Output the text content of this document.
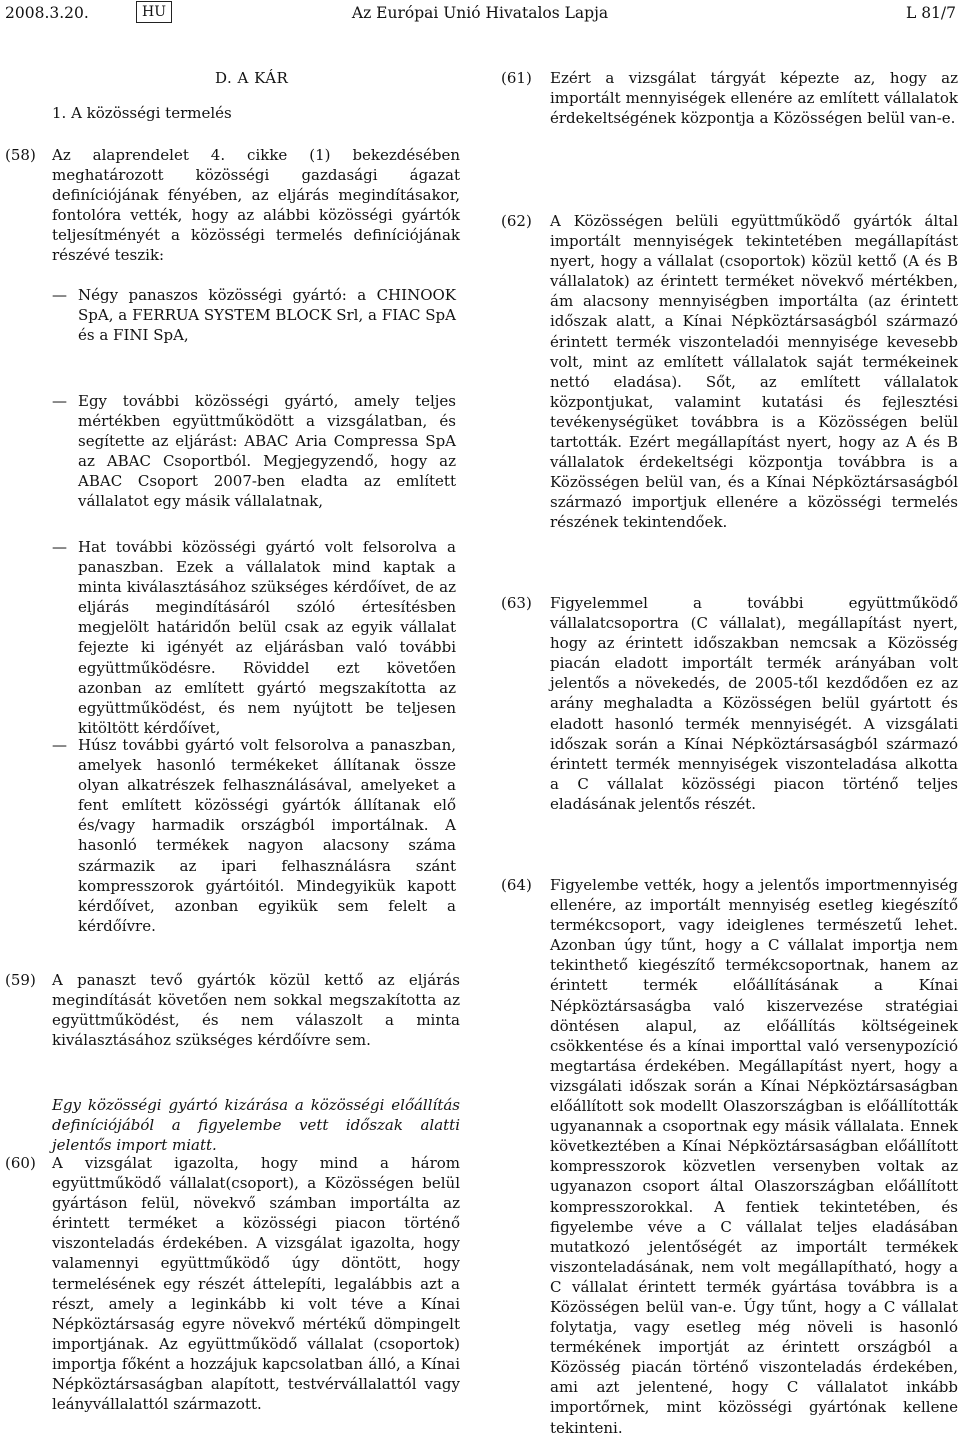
2008.3.20.	HU	Az Európai Unió Hivatalos Lapja	L 81/7
D. A KÁR
1. A közösségi termelés
(58) Az alaprendelet 4. cikke (1) bekezdésében meghatározott közösségi gazdasági ágazat definíciójának fényében, az eljárás megindításakor, fontolóra vették, hogy az alábbi közösségi gyártók teljesítményét a közösségi termelés definíciójának részévé teszik:

— Négy panaszos közösségi gyártó: a CHINOOK SpA, a FERRUA SYSTEM BLOCK Srl, a FIAC SpA és a FINI SpA,

— Egy további közösségi gyártó, amely teljes mértékben együttműködött a vizsgálatban, és segítette az eljárást: ABAC Aria Compressa SpA az ABAC Csoportból. Megjegyzendő, hogy az ABAC Csoport 2007-ben eladta az említett vállalatot egy másik vállalatnak,

— Hat további közösségi gyártó volt felsorolva a panaszban. Ezek a vállalatok mind kaptak a minta kiválasztásához szükséges kérdőívet, de az eljárás megindításáról szóló értesítésben megjelölt határidőn belül csak az egyik vállalat fejezte ki igényét az eljárásban való további együttműködésre. Röviddel ezt követően azonban az említett gyártó megszakította az együttműködést, és nem nyújtott be teljesen kitöltött kérdőívet,

— Húsz további gyártó volt felsorolva a panaszban, amelyek hasonló termékeket állítanak össze olyan alkatrészek felhasználásával, amelyeket a fent említett közösségi gyártók állítanak elő és/vagy harmadik országból importálnak. A hasonló termékek nagyon alacsony száma származik az ipari felhasználásra szánt kompresszorok gyártóitól. Mindegyikük kapott kérdőívet, azonban egyikük sem felelt a kérdőívre.

(59) A panaszt tevő gyártók közül kettő az eljárás megindítását követően nem sokkal megszakította az együttműködést, és nem válaszolt a minta kiválasztásához szükséges kérdőívre sem.

Egy közösségi gyártó kizárása a közösségi előállítás definíciójából a figyelembe vett időszak alatti jelentős import miatt.

(60) A vizsgálat igazolta, hogy mind a három együttműködő vállalat(csoport), a Közösségen belül gyártáson felül, növekvő számban importálta az érintett terméket a közösségi piacon történő viszonteladás érdekében. A vizsgálat igazolta, hogy valamennyi együttműködő úgy döntött, hogy termelésének egy részét áttelepíti, legalábbis azt a részt, amely a leginkább ki volt téve a Kínai Népköztársaság egyre növekvő mértékű dömpingelt importjának. Az együttműködő vállalat (csoportok) importja főként a hozzájuk kapcsolatban álló, a Kínai Népköztársaságban alapított, testvérvállalattól vagy leányvállalattól származott.

(61) Ezért a vizsgálat tárgyát képezte az, hogy az importált mennyiségek ellenére az említett vállalatok érdekeltségének központja a Közösségen belül van-e.

(62) A Közösségen belüli együttműködő gyártók által importált mennyiségek tekintetében megállapítást nyert, hogy a vállalat (csoportok) közül kettő (A és B vállalatok) az érintett terméket növekvő mértékben, ám alacsony mennyiségben importálta (az érintett időszak alatt, a Kínai Népköztársaságból származó érintett termék viszonteladói mennyisége kevesebb volt, mint az említett vállalatok saját termékeinek nettó eladása). Sőt, az említett vállalatok központjukat, valamint kutatási és fejlesztési tevékenységüket továbbra is a Közösségen belül tartották. Ezért megállapítást nyert, hogy az A és B vállalatok érdekeltségi központja továbbra is a Közösségen belül van, és a Kínai Népköztársaságból származó importjuk ellenére a közösségi termelés részének tekintendőek.

(63) Figyelemmel a további együttműködő vállalatcsoportra (C vállalat), megállapítást nyert, hogy az érintett időszakban nemcsak a Közösség piacán eladott importált termék arányában volt jelentős a növekedés, de 2005-től kezdődően ez az arány meghaladta a Közösségen belül gyártott és eladott hasonló termék mennyiségét. A vizsgálati időszak során a Kínai Népköztársaságból származó érintett termék mennyiségek viszonteladása alkotta a C vállalat közösségi piacon történő teljes eladásának jelentős részét.

(64) Figyelembe vették, hogy a jelentős importmennyiség ellenére, az importált mennyiség esetleg kiegészítő termékcsoport, vagy ideiglenes természetű lehet. Azonban úgy tűnt, hogy a C vállalat importja nem tekinthető kiegészítő termékcsoportnak, hanem az érintett termék előállításának a Kínai Népköztársaságba való kiszervezése stratégiai döntésen alapul, az előállítás költségeinek csökkentése és a kínai importtal való versenypozíció megtartása érdekében. Megállapítást nyert, hogy a vizsgálati időszak során a Kínai Népköztársaságban előállított sok modellt Olaszországban is előállították ugyanannak a csoportnak egy másik vállalata. Ennek következtében a Kínai Népköztársaságban előállított kompresszorok közvetlen versenyben voltak az ugyanazon csoport által Olaszországban előállított kompresszorokkal. A fentiek tekintetében, és figyelembe véve a C vállalat teljes eladásában mutatkozó jelentőségét az importált termékek viszonteladásának, nem volt megállapítható, hogy a C vállalat érintett termék gyártása továbbra is a Közösségen belül van-e. Úgy tűnt, hogy a C vállalat folytatja, vagy esetleg még növeli is hasonló termékének importját az érintett országból a Közösség piacán történő viszonteladás érdekében, ami azt jelentené, hogy C vállalatot inkább importőrnek, mint közösségi gyártónak kellene tekinteni.
